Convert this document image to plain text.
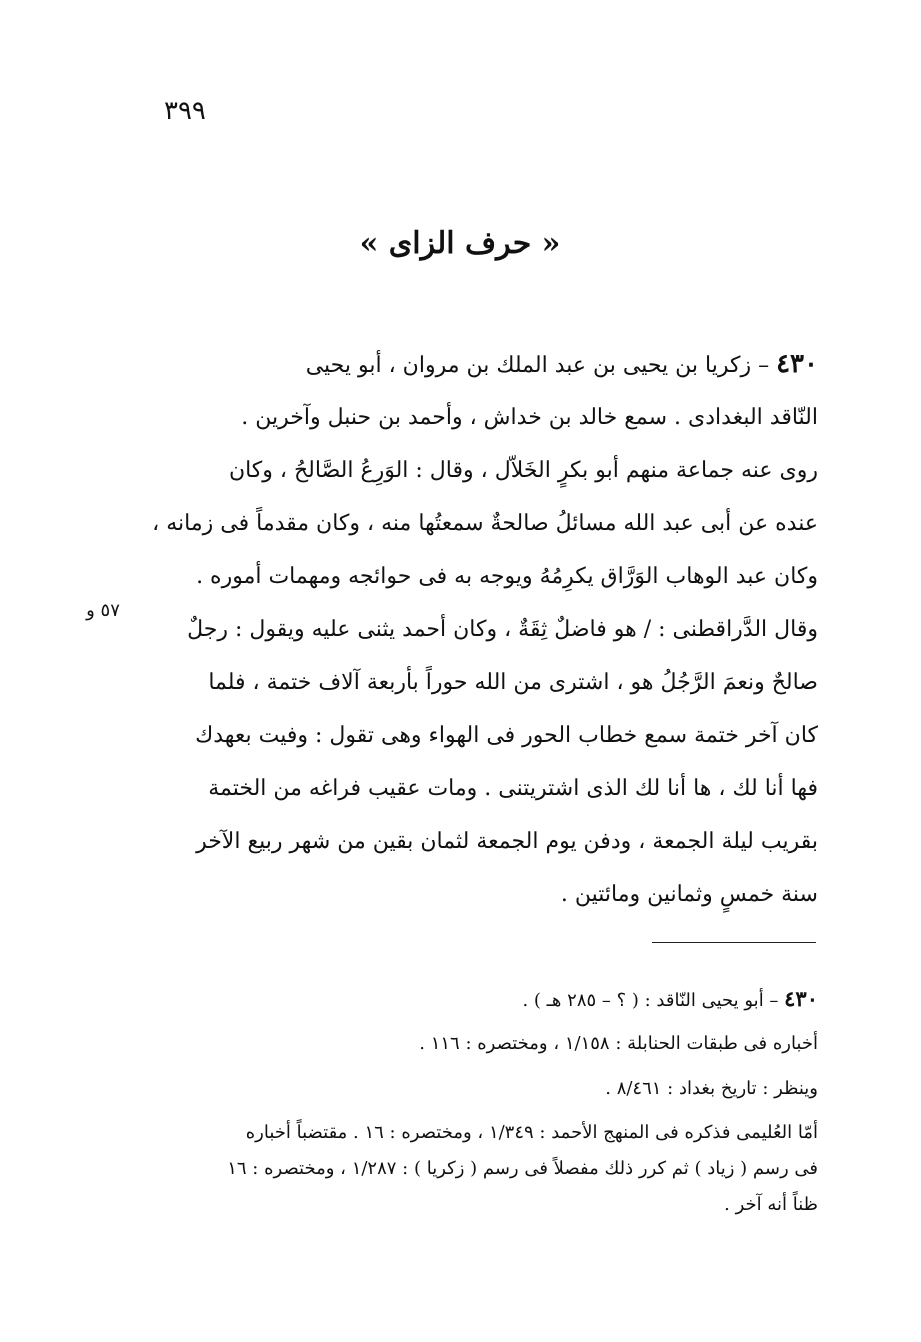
٣٩٩
« حرف الزاى »
٤٣٠ – زكريا بن يحيى بن عبد الملك بن مروان ، أبو يحيى
النّاقد البغدادى . سمع خالد بن خداش ، وأحمد بن حنبل وآخرين .
روى عنه جماعة منهم أبو بكرٍ الخَلاّل ، وقال : الوَرِعُ الصَّالحُ ، وكان
عنده عن أبى عبد الله مسائلُ صالحةٌ سمعتُها منه ، وكان مقدماً فى زمانه ،
وكان عبد الوهاب الوَرَّاق يكرِمُهُ ويوجه به فى حوائجه ومهمات أموره .
وقال الدَّراقطنى : / هو فاضلٌ ثِقَةٌ ، وكان أحمد يثنى عليه ويقول : رجلٌ
صالحٌ ونعمَ الرَّجُلُ هو ، اشترى من الله حوراً بأربعة آلاف ختمة ، فلما
كان آخر ختمة سمع خطاب الحور فى الهواء وهى تقول : وفيت بعهدك
فها أنا لك ، ها أنا لك الذى اشتريتنى . ومات عقيب فراغه من الختمة
بقريب ليلة الجمعة ، ودفن يوم الجمعة لثمان بقين من شهر ربيع الآخر
سنة خمسٍ وثمانين ومائتين .
٥٧ و
٤٣٠ – أبو يحيى النّاقد : ( ؟ – ٢٨٥ هـ ) .
أخباره فى طبقات الحنابلة : ١/١٥٨ ، ومختصره : ١١٦ .
وينظر : تاريخ بغداد : ٨/٤٦١ .
أمّا العُليمى فذكره فى المنهج الأحمد : ١/٣٤٩ ، ومختصره : ١٦ . مقتضباً أخباره
فى رسم ( زياد ) ثم كرر ذلك مفصلاً فى رسم ( زكريا ) : ١/٢٨٧ ، ومختصره : ١٦
ظناً أنه آخر .
